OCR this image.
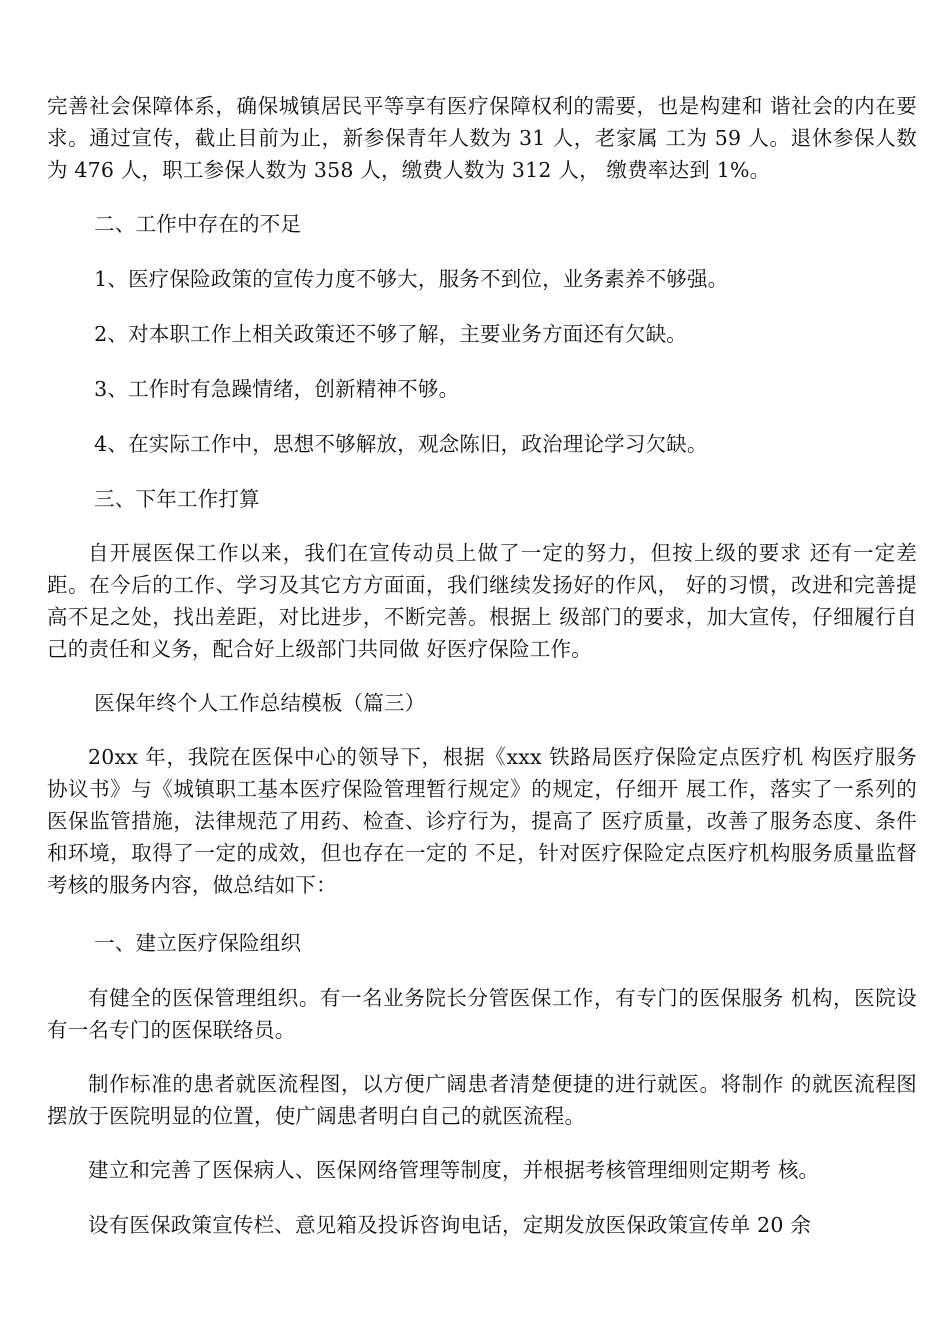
完善社会保障体系，确保城镇居民平等享有医疗保障权利的需要，也是构建和 谐社会的内在要求。通过宣传，截止目前为止，新参保青年人数为 31 人，老家属 工为 59 人。退休参保人数为 476 人，职工参保人数为 358 人，缴费人数为 312 人， 缴费率达到 1%。

二、工作中存在的不足

1、医疗保险政策的宣传力度不够大，服务不到位，业务素养不够强。

2、对本职工作上相关政策还不够了解，主要业务方面还有欠缺。

3、工作时有急躁情绪，创新精神不够。

4、在实际工作中，思想不够解放，观念陈旧，政治理论学习欠缺。

三、下年工作打算

自开展医保工作以来，我们在宣传动员上做了一定的努力，但按上级的要求 还有一定差距。在今后的工作、学习及其它方方面面，我们继续发扬好的作风， 好的习惯，改进和完善提高不足之处，找出差距，对比进步，不断完善。根据上 级部门的要求，加大宣传，仔细履行自己的责任和义务，配合好上级部门共同做 好医疗保险工作。

医保年终个人工作总结模板（篇三）

20xx 年，我院在医保中心的领导下，根据《xxx 铁路局医疗保险定点医疗机 构医疗服务协议书》与《城镇职工基本医疗保险管理暂行规定》的规定，仔细开 展工作，落实了一系列的医保监管措施，法律规范了用药、检查、诊疗行为，提高了 医疗质量，改善了服务态度、条件和环境，取得了一定的成效，但也存在一定的 不足，针对医疗保险定点医疗机构服务质量监督考核的服务内容，做总结如下：

一、建立医疗保险组织

有健全的医保管理组织。有一名业务院长分管医保工作，有专门的医保服务 机构，医院设有一名专门的医保联络员。

制作标准的患者就医流程图，以方便广阔患者清楚便捷的进行就医。将制作 的就医流程图摆放于医院明显的位置，使广阔患者明白自己的就医流程。

建立和完善了医保病人、医保网络管理等制度，并根据考核管理细则定期考 核。

设有医保政策宣传栏、意见箱及投诉咨询电话，定期发放医保政策宣传单 20 余
